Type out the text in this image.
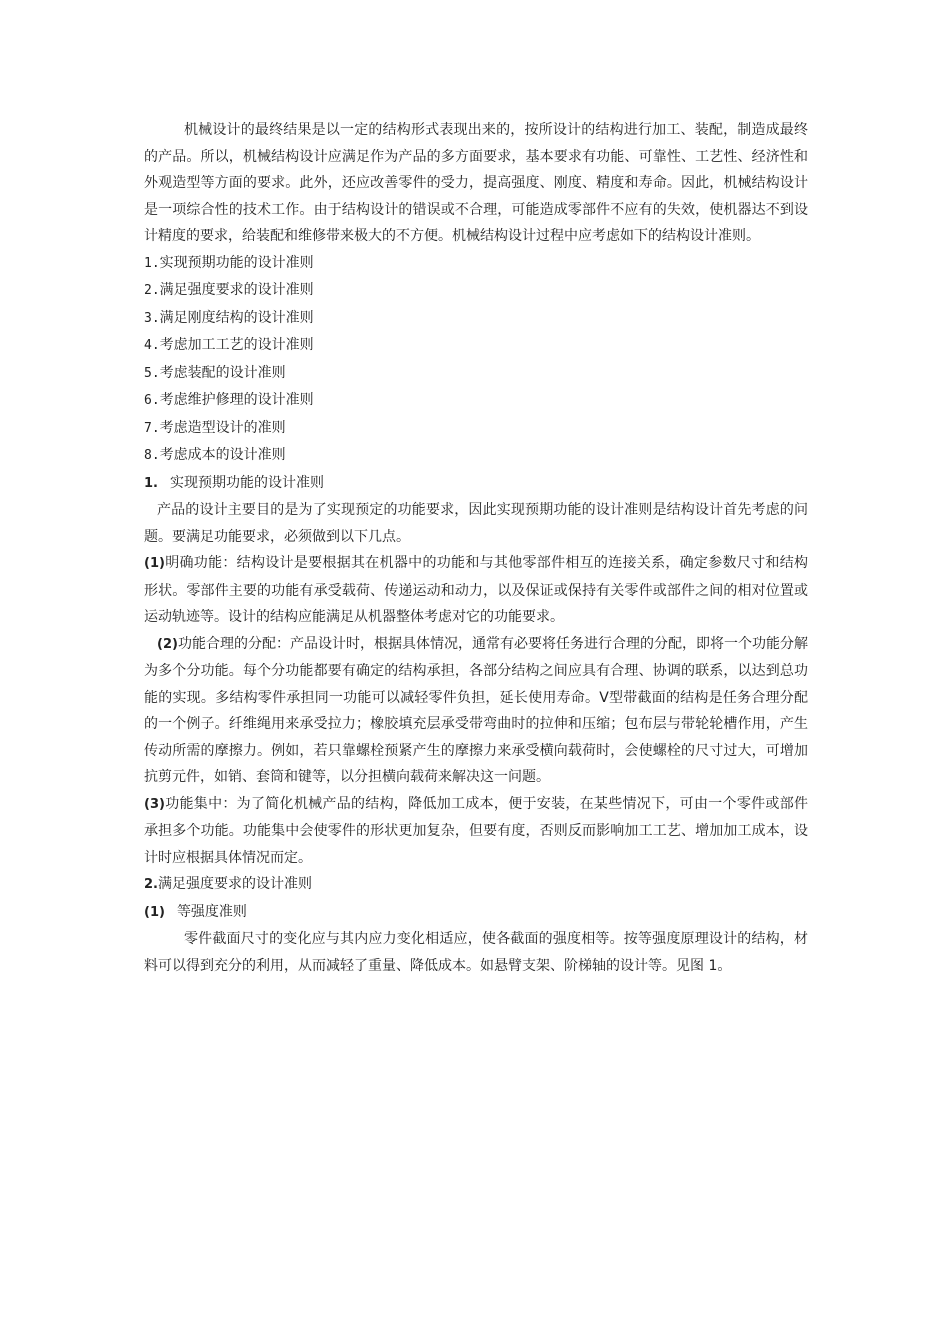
机械设计的最终结果是以一定的结构形式表现出来的，按所设计的结构进行加工、装配，制造成最终的产品。所以，机械结构设计应满足作为产品的多方面要求，基本要求有功能、可靠性、工艺性、经济性和外观造型等方面的要求。此外，还应改善零件的受力，提高强度、刚度、精度和寿命。因此，机械结构设计是一项综合性的技术工作。由于结构设计的错误或不合理，可能造成零部件不应有的失效，使机器达不到设计精度的要求，给装配和维修带来极大的不方便。机械结构设计过程中应考虑如下的结构设计准则。

1.实现预期功能的设计准则

2.满足强度要求的设计准则

3.满足刚度结构的设计准则

4.考虑加工工艺的设计准则

5.考虑装配的设计准则

6.考虑维护修理的设计准则

7.考虑造型设计的准则

8.考虑成本的设计准则

1. 实现预期功能的设计准则

产品的设计主要目的是为了实现预定的功能要求，因此实现预期功能的设计准则是结构设计首先考虑的问题。要满足功能要求，必须做到以下几点。

(1)明确功能：结构设计是要根据其在机器中的功能和与其他零部件相互的连接关系，确定参数尺寸和结构形状。零部件主要的功能有承受载荷、传递运动和动力，以及保证或保持有关零件或部件之间的相对位置或运动轨迹等。设计的结构应能满足从机器整体考虑对它的功能要求。

(2)功能合理的分配：产品设计时，根据具体情况，通常有必要将任务进行合理的分配，即将一个功能分解为多个分功能。每个分功能都要有确定的结构承担，各部分结构之间应具有合理、协调的联系，以达到总功能的实现。多结构零件承担同一功能可以减轻零件负担，延长使用寿命。V型带截面的结构是任务合理分配的一个例子。纤维绳用来承受拉力；橡胶填充层承受带弯曲时的拉伸和压缩；包布层与带轮轮槽作用，产生传动所需的摩擦力。例如，若只靠螺栓预紧产生的摩擦力来承受横向载荷时，会使螺栓的尺寸过大，可增加抗剪元件，如销、套筒和键等，以分担横向载荷来解决这一问题。

(3)功能集中：为了简化机械产品的结构，降低加工成本，便于安装，在某些情况下，可由一个零件或部件承担多个功能。功能集中会使零件的形状更加复杂，但要有度，否则反而影响加工工艺、增加加工成本，设计时应根据具体情况而定。

2.满足强度要求的设计准则

(1) 等强度准则

零件截面尺寸的变化应与其内应力变化相适应，使各截面的强度相等。按等强度原理设计的结构，材料可以得到充分的利用，从而减轻了重量、降低成本。如悬臂支架、阶梯轴的设计等。见图 1。
